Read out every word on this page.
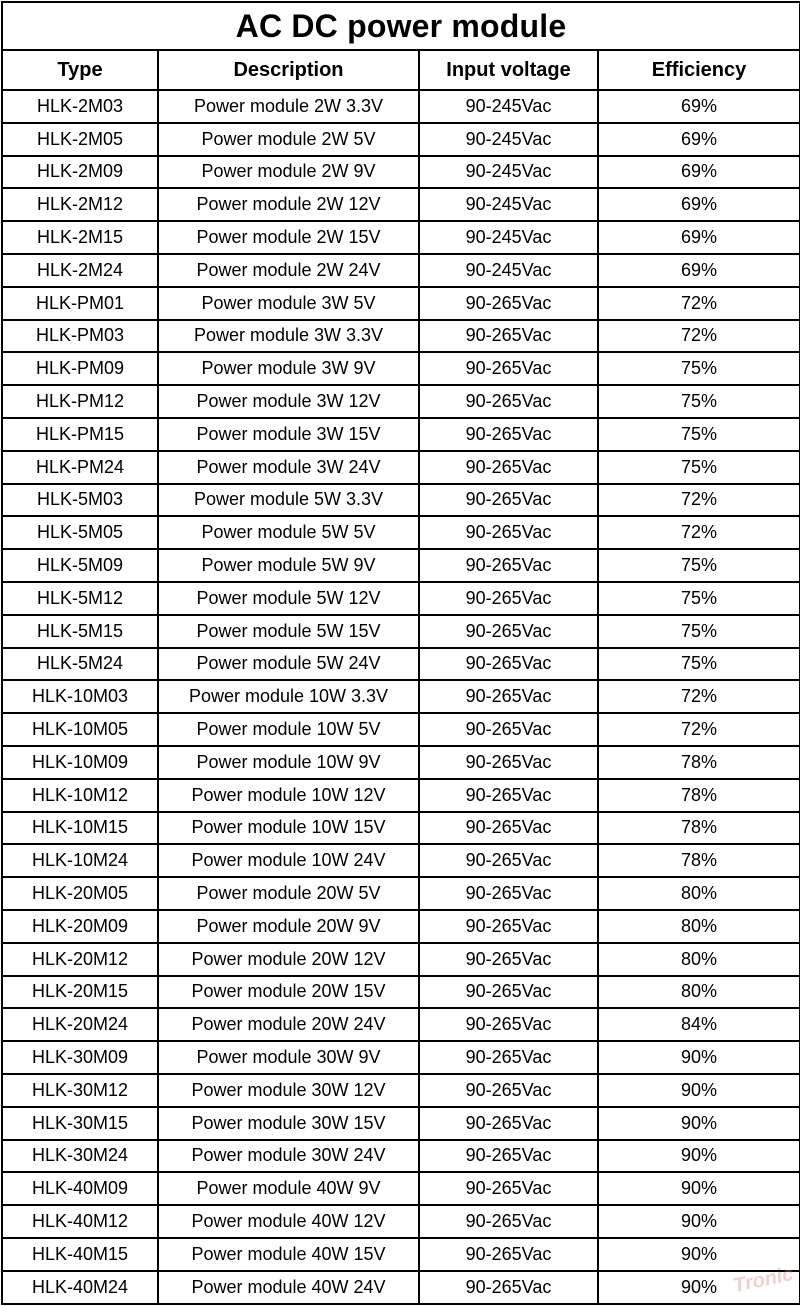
AC DC power module			
Type	Description	Input voltage	Efficiency
HLK-2M03	Power module 2W 3.3V	90-245Vac	69%
HLK-2M05	Power module 2W 5V	90-245Vac	69%
HLK-2M09	Power module 2W 9V	90-245Vac	69%
HLK-2M12	Power module 2W 12V	90-245Vac	69%
HLK-2M15	Power module 2W 15V	90-245Vac	69%
HLK-2M24	Power module 2W 24V	90-245Vac	69%
HLK-PM01	Power module 3W 5V	90-265Vac	72%
HLK-PM03	Power module 3W 3.3V	90-265Vac	72%
HLK-PM09	Power module 3W 9V	90-265Vac	75%
HLK-PM12	Power module 3W 12V	90-265Vac	75%
HLK-PM15	Power module 3W 15V	90-265Vac	75%
HLK-PM24	Power module 3W 24V	90-265Vac	75%
HLK-5M03	Power module 5W 3.3V	90-265Vac	72%
HLK-5M05	Power module 5W 5V	90-265Vac	72%
HLK-5M09	Power module 5W 9V	90-265Vac	75%
HLK-5M12	Power module 5W 12V	90-265Vac	75%
HLK-5M15	Power module 5W 15V	90-265Vac	75%
HLK-5M24	Power module 5W 24V	90-265Vac	75%
HLK-10M03	Power module 10W 3.3V	90-265Vac	72%
HLK-10M05	Power module 10W 5V	90-265Vac	72%
HLK-10M09	Power module 10W 9V	90-265Vac	78%
HLK-10M12	Power module 10W 12V	90-265Vac	78%
HLK-10M15	Power module 10W 15V	90-265Vac	78%
HLK-10M24	Power module 10W 24V	90-265Vac	78%
HLK-20M05	Power module 20W 5V	90-265Vac	80%
HLK-20M09	Power module 20W 9V	90-265Vac	80%
HLK-20M12	Power module 20W 12V	90-265Vac	80%
HLK-20M15	Power module 20W 15V	90-265Vac	80%
HLK-20M24	Power module 20W 24V	90-265Vac	84%
HLK-30M09	Power module 30W 9V	90-265Vac	90%
HLK-30M12	Power module 30W 12V	90-265Vac	90%
HLK-30M15	Power module 30W 15V	90-265Vac	90%
HLK-30M24	Power module 30W 24V	90-265Vac	90%
HLK-40M09	Power module 40W 9V	90-265Vac	90%
HLK-40M12	Power module 40W 12V	90-265Vac	90%
HLK-40M15	Power module 40W 15V	90-265Vac	90%
HLK-40M24	Power module 40W 24V	90-265Vac	90% Tronic
